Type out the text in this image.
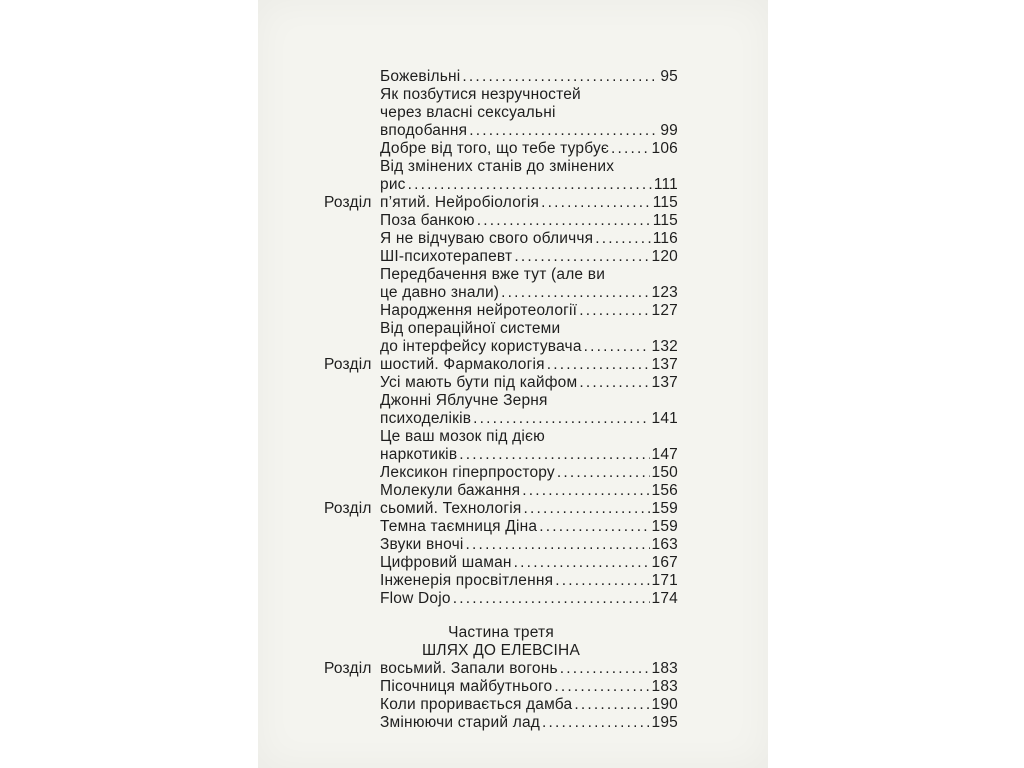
Божевільні .....	95
Як позбутися незручностей
через власні сексуальні
вподобання .....	99
Добре від того, що тебе турбує .....	106
Від змінених станів до змінених
рис .....	111
Розділ п’ятий. Нейробіологія .....	115
Поза банкою .....	115
Я не відчуваю свого обличчя .....	116
ШІ-психотерапевт .....	120
Передбачення вже тут (але ви
це давно знали) .....	123
Народження нейротеології .....	127
Від операційної системи
до інтерфейсу користувача .....	132
Розділ шостий. Фармакологія .....	137
Усі мають бути під кайфом .....	137
Джонні Яблучне Зерня
психоделіків .....	141
Це ваш мозок під дією
наркотиків .....	147
Лексикон гіперпростору .....	150
Молекули бажання .....	156
Розділ сьомий. Технологія .....	159
Темна таємниця Діна .....	159
Звуки вночі .....	163
Цифровий шаман .....	167
Інженерія просвітлення .....	171
Flow Dojo .....	174
Частина третя
ШЛЯХ ДО ЕЛЕВСІНА
Розділ восьмий. Запали вогонь .....	183
Пісочниця майбутнього .....	183
Коли проривається дамба .....	190
Змінюючи старий лад .....	195
